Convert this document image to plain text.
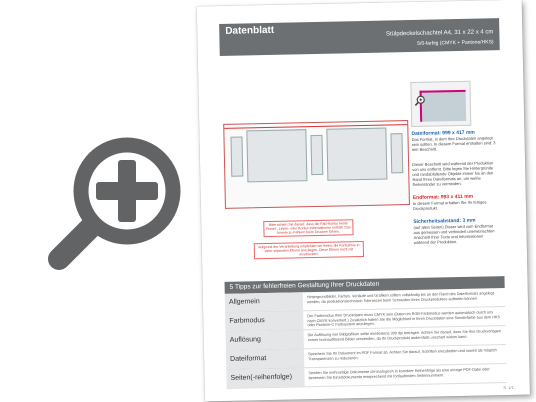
Datenblatt	Stülpdeckelschachtel A4, 31 x 22 x 4 cm
5/0-farbig (CMYK + Pantone/HKS)
Bitte achten Sie darauf, dass die Falz-Kontur keine Pinsel-, Linien- oder Kontur-Informationen enthält. Das könnte zu Fehlern beim Drucken führen.
Aufgrund der Verarbeitung empfehlen wir Ihnen, die Konturlinie in einer separaten Ebene anzulegen. Diese Ebene nicht mit ausdrucken.
Dateiformat: 999 x 417 mm
Das Format, in dem Ihre Druckdaten angelegt sein sollten. In diesem Format enthalten sind: 3 mm Beschnitt.
Dieser Beschnitt wird während der Produktion von uns entfernt. Bitte legen Sie Hintergründe und randabfallende Objekte immer bis an den Rand Ihres Dateiformats an, um weiße Seitenränder zu vermeiden.
Endformat: 993 x 411 mm
In diesem Format erhalten Sie Ihr fertiges Druckprodukt.
Sicherheitsabstand: 3 mm
(auf allen Seiten) Dieser wird vom Endformat aus gemessen und verhindert unerwünschten Anschnitt Ihrer Texte und Informationen während der Produktion.
5 Tipps zur fehlerfreien Gestaltung Ihrer Druckdaten
Allgemein
Hintergrundbilder, Farben, Verläufe und Grafiken sollten vollständig bis an den Rand des Dateiformats angelegt werden, da produktionstechnisch Toleranzen beim Schneiden Ihres Druckproduktes auftreten können.
Farbmodus
Der Farbmodus Ihrer Druckdaten muss CMYK sein (Daten im RGB-Farbmodus werden automatisch durch uns nach CMYK konvertiert.) Zusätzlich haben Sie die Möglichkeit in Ihren Druckdaten eine Sonderfarbe aus dem HKS oder Pantone-C Farbsystem anzulegen.
Auflösung
Die Auflösung von Bildgrafiken sollte mindestens 300 dpi betragen. Achten Sie darauf, dass Sie Ihre Druckvorlagen immer hochauflösend Bilder verwenden, da Ihr Druckprodukt andernfalls unscharf wirken kann.
Dateiformat
Speichern Sie Ihr Dokument im PDF Format ab. Achten Sie darauf, Schriften einzubetten und soweit als möglich Transparenzen zu reduzieren.
Seiten(-reihenfolge)
Senden Sie mehrseitige Dokumente chronologisch in korrekter Reihenfolge als eine einzige PDF-Datei oder benennen Sie Einzeldokumente entsprechend mit fortlaufenden Seitennummern.
S. 1/1
